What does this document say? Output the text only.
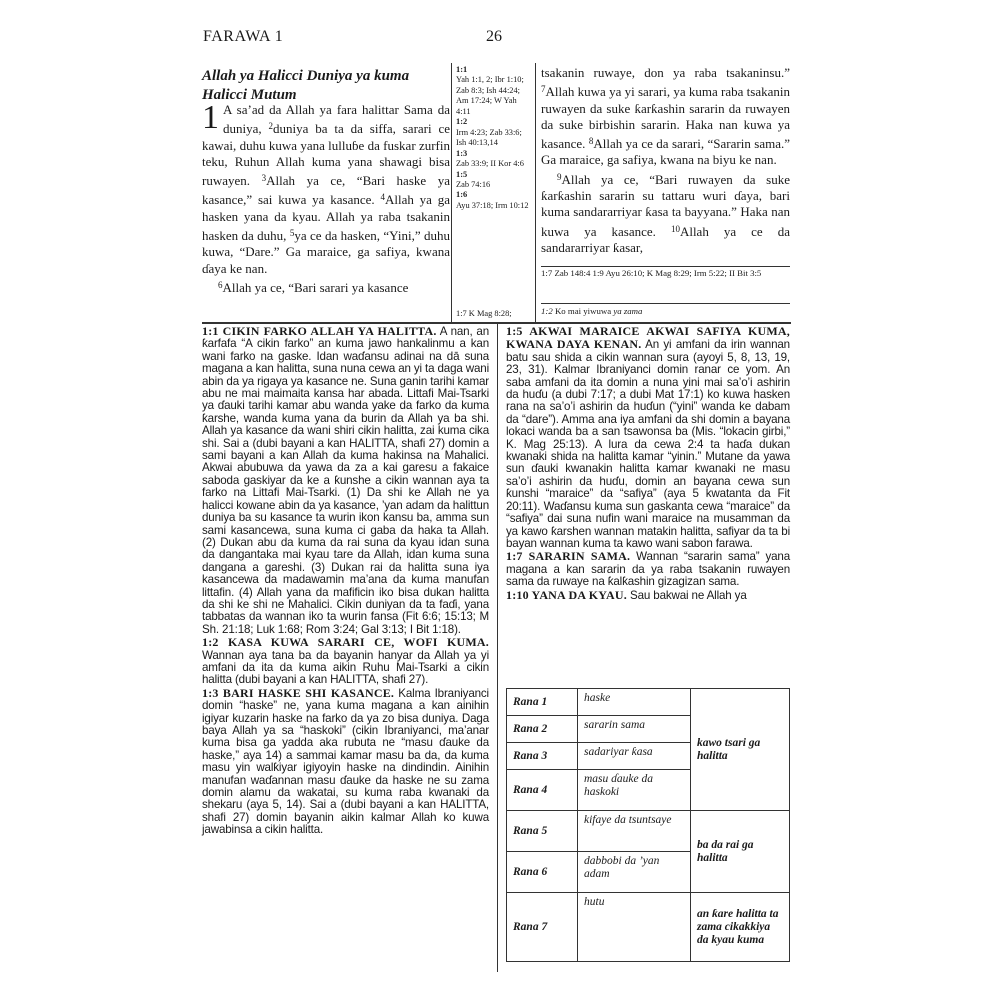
FARAWA 1	26
Allah ya Halicci Duniya ya kuma Halicci Mutum
1 A sa’ad da Allah ya fara halittar Sama da duniya, $^2$duniya ba ta da siffa, sarari ce kawai, duhu kuwa yana lulluɓe da fuskar zurfin teku, Ruhun Allah kuma yana shawagi bisa ruwayen. $^3$Allah ya ce, “Bari haske ya kasance,” sai kuwa ya kasance. $^4$Allah ya ga hasken yana da kyau. Allah ya raba tsakanin hasken da duhu, $^5$ya ce da hasken, “Yini,” duhu kuwa, “Dare.” Ga maraice, ga safiya, kwana ɗaya ke nan.
$^6$Allah ya ce, “Bari sarari ya kasance
1:1
Yah 1:1, 2; Ibr 1:10; Zab 8:3; Ish 44:24; Am 17:24; W Yah 4:11
1:2
Irm 4:23; Zab 33:6; Ish 40:13,14
1:3
Zab 33:9; II Kor 4:6
1:5
Zab 74:16
1:6
Ayu 37:18; Irm 10:12
1:7 K Mag 8:28;
tsakanin ruwaye, don ya raba tsakaninsu.” $^7$Allah kuwa ya yi sarari, ya kuma raba tsakanin ruwayen da suke ƙarƙashin sararin da ruwayen da suke birbishin sararin. Haka nan kuwa ya kasance. $^8$Allah ya ce da sarari, “Sararin sama.” Ga maraice, ga safiya, kwana na biyu ke nan.
$^9$Allah ya ce, “Bari ruwayen da suke ƙarƙashin sararin su tattaru wuri ɗaya, bari kuma sandararriyar ƙasa ta bayyana.” Haka nan kuwa ya kasance. $^{10}$Allah ya ce da sandararriyar ƙasar,
1:7 Zab 148:4 1:9 Ayu 26:10; K Mag 8:29; Irm 5:22; II Bit 3:5
1:2 Ko mai yiwuwa ya zama
1:1 CIKIN FARKO ALLAH YA HALITTA. A nan, an ƙarfafa “A cikin farko” an kuma jawo hankalinmu a kan wani farko na gaske. Idan waɗansu adinai na dā suna magana a kan halitta, suna nuna cewa an yi ta daga wani abin da ya rigaya ya kasance ne. Suna ganin tarihi kamar abu ne mai maimaita kansa har abada. Littafi Mai-Tsarki ya ɗauki tarihi kamar abu wanda yake da farko da kuma ƙarshe, wanda kuma yana da burin da Allah ya ba shi. Allah ya kasance da wani shiri cikin halitta, zai kuma cika shi. Sai a (dubi bayani a kan HALITTA, shafi 27) domin a sami bayani a kan Allah da kuma hakinsa na Mahalici. Akwai abubuwa da yawa da za a kai garesu a fakaice saboda gaskiyar da ke a ƙunshe a cikin wannan aya ta farko na Littafi Mai-Tsarki. (1) Da shi ke Allah ne ya halicci kowane abin da ya kasance, ’yan adam da halittun duniya ba su kasance ta wurin ikon kansu ba, amma sun sami kasancewa, suna kuma ci gaba da haka ta Allah. (2) Dukan abu da kuma da rai suna da kyau idan suna da dangantaka mai kyau tare da Allah, idan kuma suna dangana a gareshi. (3) Dukan rai da halitta suna iya kasancewa da madawamin ma’ana da kuma manufan littafin. (4) Allah yana da mafificin iko bisa dukan halitta da shi ke shi ne Mahalici. Cikin duniyan da ta faɗi, yana tabbatas da wannan iko ta wurin fansa (Fit 6:6; 15:13; M Sh. 21:18; Luk 1:68; Rom 3:24; Gal 3:13; I Bit 1:18).
1:2 KASA KUWA SARARI CE, WOFI KUMA. Wannan aya tana ba da bayanin hanyar da Allah ya yi amfani da ita da kuma aikin Ruhu Mai-Tsarki a cikin halitta (dubi bayani a kan HALITTA, shafi 27).
1:3 BARI HASKE SHI KASANCE. Kalma Ibraniyanci domin “haske” ne, yana kuma magana a kan ainihin igiyar kuzarin haske na farko da ya zo bisa duniya. Daga baya Allah ya sa “haskoki” (cikin Ibraniyanci, ma’anar kuma bisa ga yadda aka rubuta ne “masu ɗauke da haske,” aya 14) a sammai kamar masu ba da, da kuma masu yin walƙiyar igiyoyin haske na dindindin. Ainihin manufan waɗannan masu ɗauke da haske ne su zama domin alamu da wakatai, su kuma raba kwanaki da shekaru (aya 5, 14). Sai a (dubi bayani a kan HALITTA, shafi 27) domin bayanin aikin kalmar Allah ko kuwa jawabinsa a cikin halitta.
1:5 AKWAI MARAICE AKWAI SAFIYA KUMA, KWANA DAYA KENAN. An yi amfani da irin wannan batu sau shida a cikin wannan sura (ayoyi 5, 8, 13, 19, 23, 31). Kalmar Ibraniyanci domin ranar ce yom. An saba amfani da ita domin a nuna yini mai sa’o’i ashirin da huɗu (a dubi 7:17; a dubi Mat 17:1) ko kuwa hasken rana na sa’o’i ashirin da huɗun (“yini” wanda ke dabam da “dare”). Amma ana iya amfani da shi domin a bayana lokaci wanda ba a san tsawonsa ba (Mis. “lokacin girbi,” K. Mag 25:13). A lura da cewa 2:4 ta haɗa dukan kwanaki shida na halitta kamar “yinin.” Mutane da yawa sun ɗauki kwanakin halitta kamar kwanaki ne masu sa’o’i ashirin da huɗu, domin an bayana cewa sun ƙunshi “maraice” da “safiya” (aya 5 kwatanta da Fit 20:11). Waɗansu kuma sun gaskanta cewa “maraice” da “safiya” dai suna nufin wani maraice na musamman da ya kawo ƙarshen wannan matakin halitta, safiyar da ta bi bayan wannan kuma ta kawo wani sabon farawa.
1:7 SARARIN SAMA. Wannan “sararin sama” yana magana a kan sararin da ya raba tsakanin ruwayen sama da ruwaye na ƙalƙashin gizagizan sama.
1:10 YANA DA KYAU. Sau bakwai ne Allah ya
Rana 1	haske	kawo tsari ga halitta
Rana 2	sararin sama	
Rana 3	sadariyar ƙasa	
Rana 4	masu ɗauke da haskoki	
Rana 5	kifaye da tsuntsaye	ba da rai ga halitta
Rana 6	dabbobi da ’yan adam	
Rana 7	hutu	an ƙare halitta ta zama cikakkiya da kyau kuma
